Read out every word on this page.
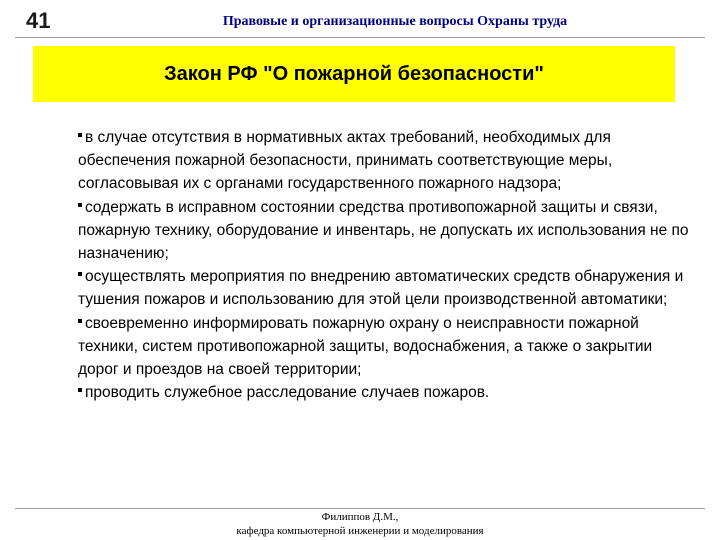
41	Правовые и организационные вопросы Охраны труда
Закон РФ "О пожарной безопасности"

в случае отсутствия в нормативных актах требований, необходимых для обеспечения пожарной безопасности, принимать соответствующие меры, согласовывая их с органами государственного пожарного надзора;

содержать в исправном состоянии средства противопожарной защиты и связи, пожарную технику, оборудование и инвентарь, не допускать их использования не по назначению;

осуществлять мероприятия по внедрению автоматических средств обнаружения и тушения пожаров и использованию для этой цели производственной автоматики;

своевременно информировать пожарную охрану о неисправности пожарной техники, систем противопожарной защиты, водоснабжения, а также о закрытии дорог и проездов на своей территории;

проводить служебное расследование случаев пожаров.

Филиппов Д.М.,
кафедра компьютерной инженерии и моделирования
